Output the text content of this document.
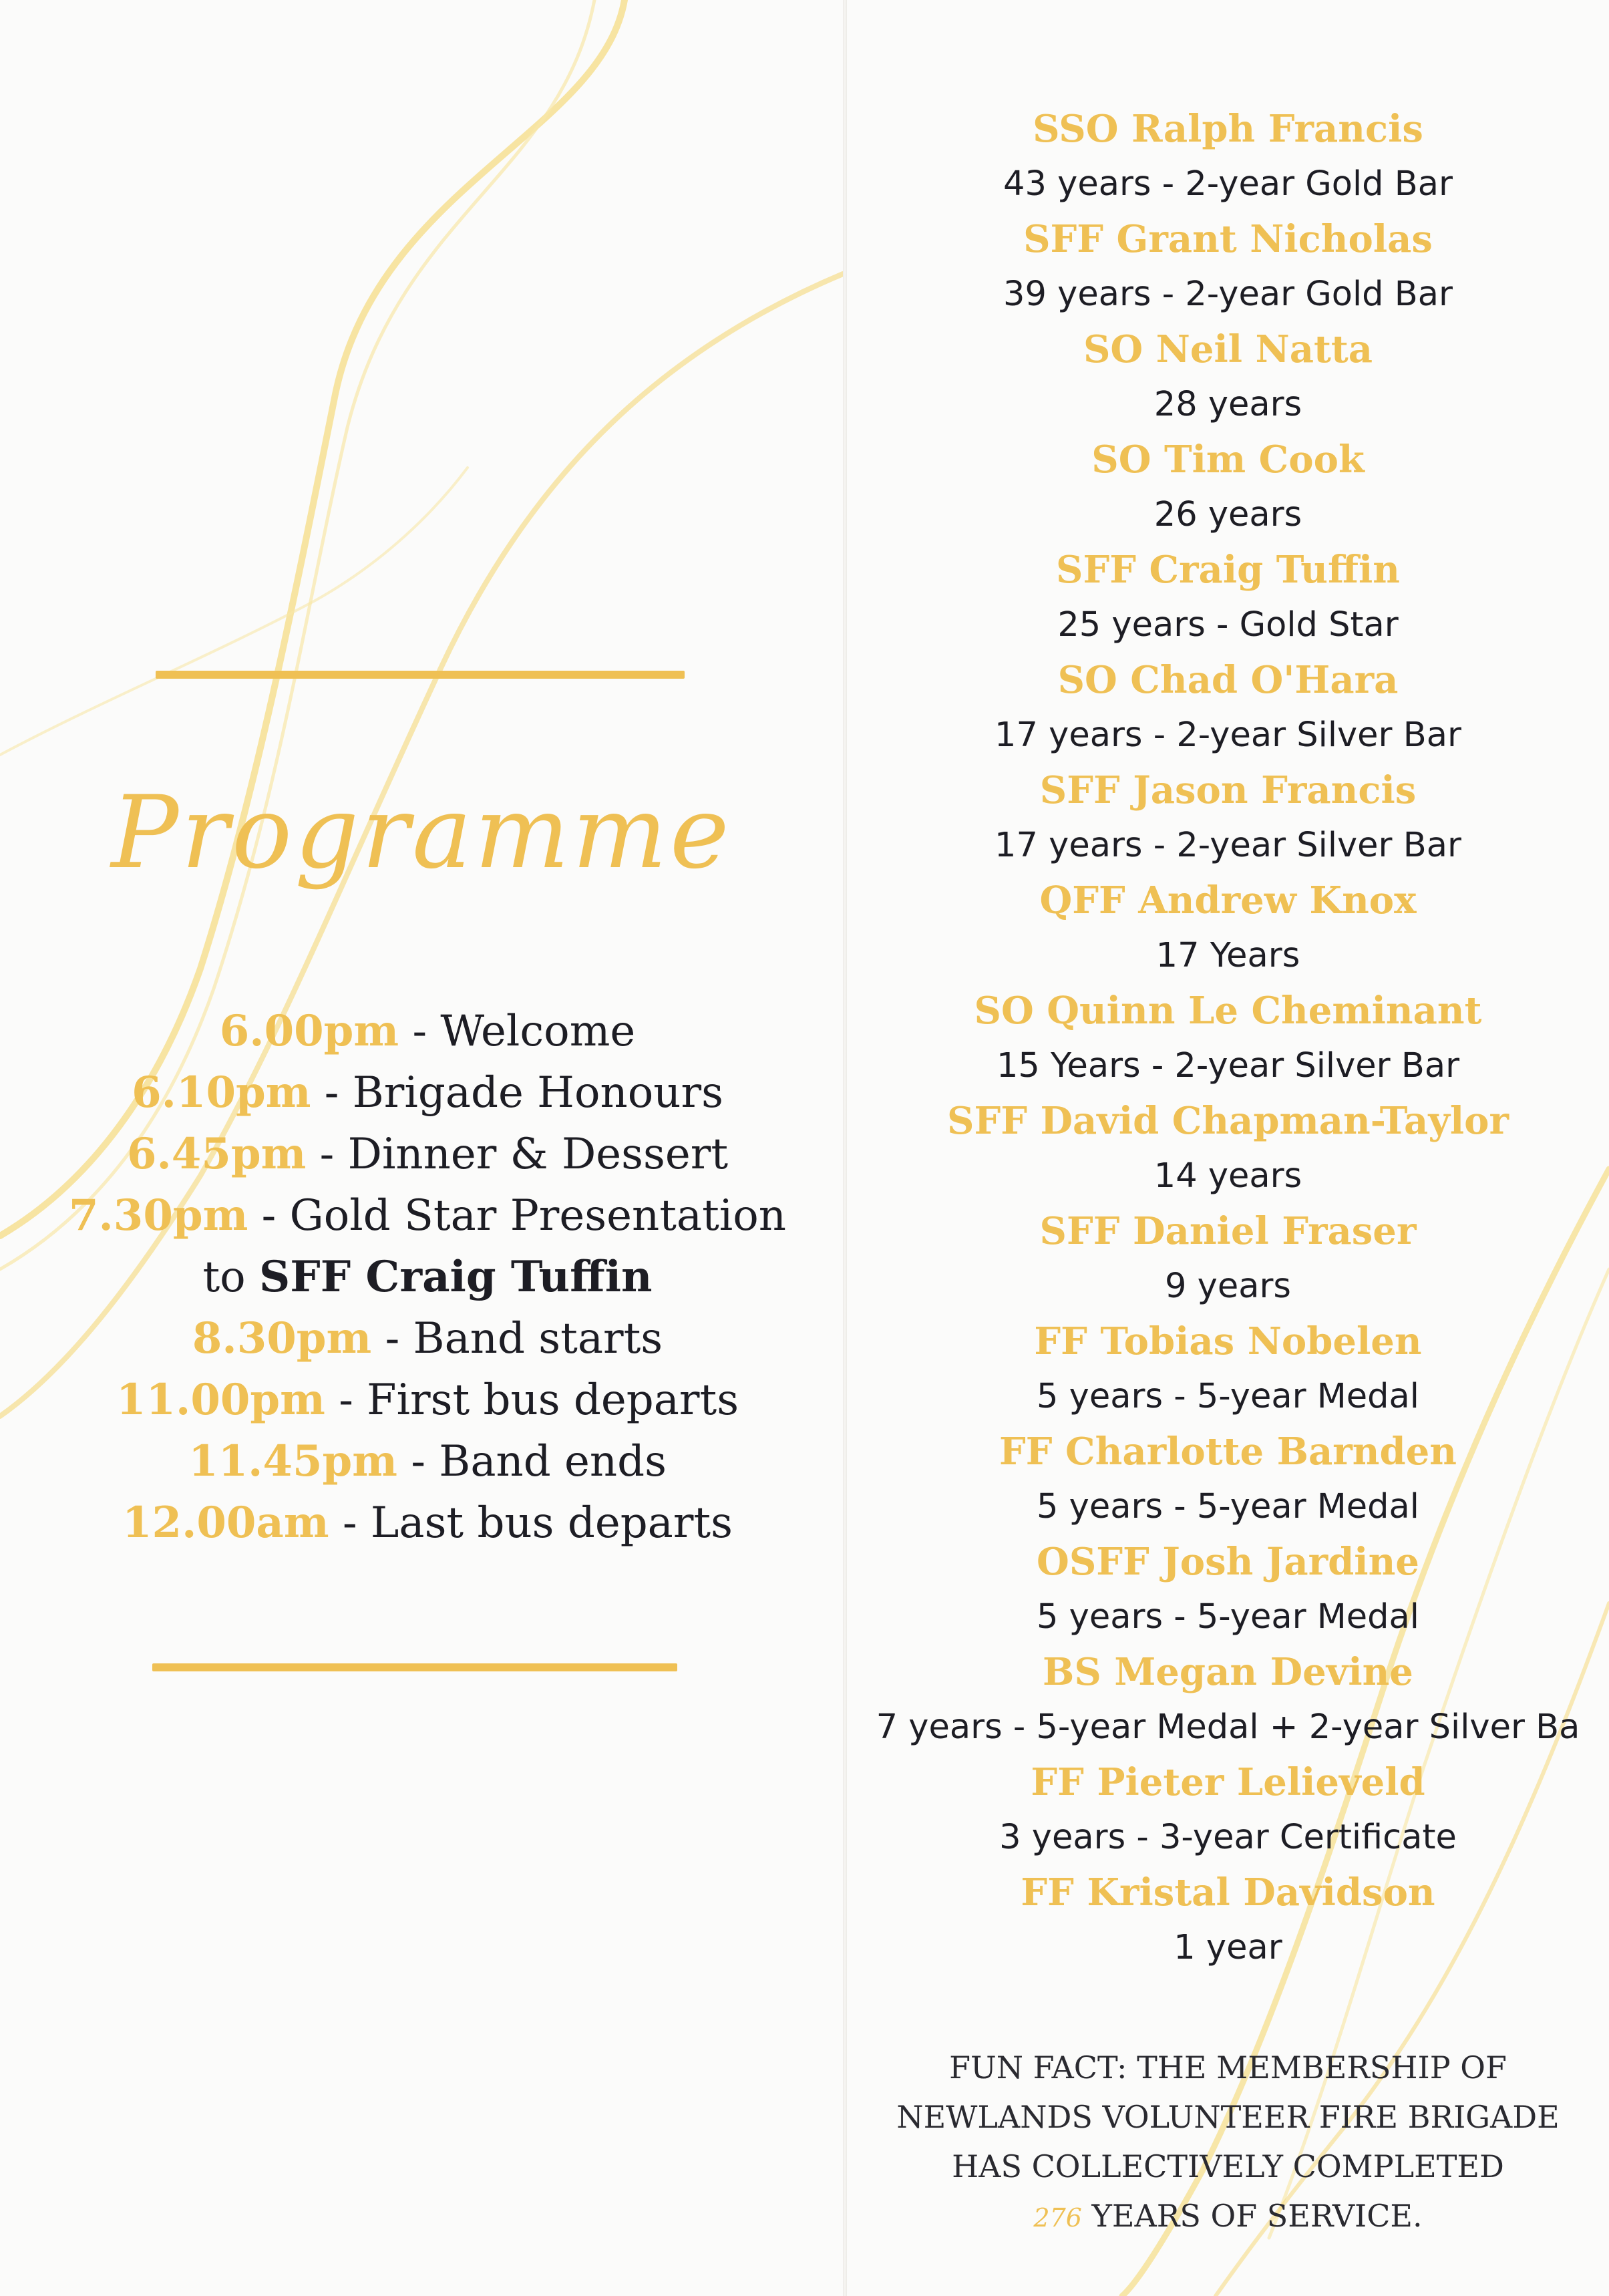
Programme
6.00pm - Welcome
6.10pm - Brigade Honours
6.45pm - Dinner & Dessert
7.30pm - Gold Star Presentation
to SFF Craig Tuffin
8.30pm - Band starts
11.00pm - First bus departs
11.45pm - Band ends
12.00am - Last bus departs
SSO Ralph Francis
43 years - 2-year Gold Bar
SFF Grant Nicholas
39 years - 2-year Gold Bar
SO Neil Natta
28 years
SO Tim Cook
26 years
SFF Craig Tuffin
25 years - Gold Star
SO Chad O'Hara
17 years - 2-year Silver Bar
SFF Jason Francis
17 years - 2-year Silver Bar
QFF Andrew Knox
17 Years
SO Quinn Le Cheminant
15 Years - 2-year Silver Bar
SFF David Chapman-Taylor
14 years
SFF Daniel Fraser
9 years
FF Tobias Nobelen
5 years - 5-year Medal
FF Charlotte Barnden
5 years - 5-year Medal
OSFF Josh Jardine
5 years - 5-year Medal
BS Megan Devine
7 years - 5-year Medal + 2-year Silver Ba
FF Pieter Lelieveld
3 years - 3-year Certificate
FF Kristal Davidson
1 year
FUN FACT: THE MEMBERSHIP OF
NEWLANDS VOLUNTEER FIRE BRIGADE
HAS COLLECTIVELY COMPLETED
276 YEARS OF SERVICE.
